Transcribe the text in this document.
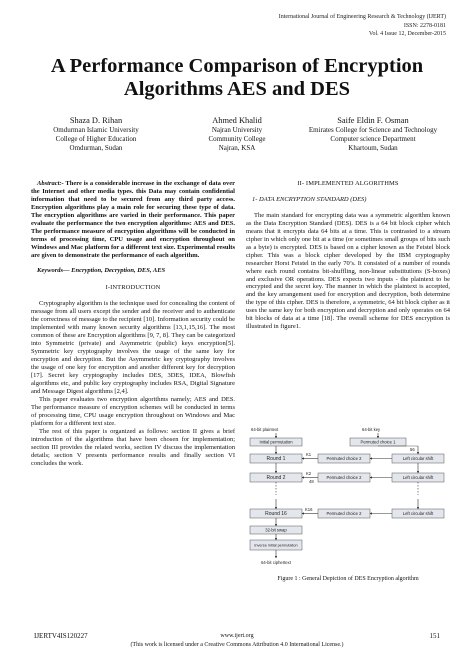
International Journal of Engineering Research & Technology (IJERT)
ISSN: 2278-0181
Vol. 4 Issue 12, December-2015
A Performance Comparison of Encryption
Algorithms AES and DES
Shaza D. Rihan
Omdurman Islamic University
College of Higher Education
Omdurman, Sudan
Ahmed Khalid
Najran University
Community College
Najran, KSA
Saife Eldin F. Osman
Emirates College for Science and Technology
Computer science Department
Khartoum, Sudan

Abstract:- There is a considerable increase in the exchange of data over the Internet and other media types. this Data may contain confidential information that need to be secured from any third party access. Encryption algorithms play a main role for securing these type of data. The encryption algorithms are varied in their performance. This paper evaluate the performance the two encryption algorithms: AES and DES. The performance measure of encryption algorithms will be conducted in terms of processing time, CPU usage and encryption throughout on Windows and Mac platform for a different text size. Experimental results are given to demonstrate the performance of each algorithm.

Keywords— Encryption, Decryption, DES, AES

I-INTRODUCTION

Cryptography algorithm is the technique used for concealing the content of message from all users except the sender and the receiver and to authenticate the correctness of message to the recipient [10]. Information security could be implemented with many known security algorithms [13,1,15,16]. The most common of these are Encryption algorithms [9, 7, 8]. They can be categorized into Symmetric (private) and Asymmetric (public) keys encryption[5]. Symmetric key cryptography involves the usage of the same key for encryption and decryption. But the Asymmetric key cryptography involves the usage of one key for encryption and another different key for decryption [17]. Secret key cryptography includes DES, 3DES, IDEA, Blowfish algorithms etc, and public key cryptography includes RSA, Digital Signature and Message Digest algorithms [2,4].

This paper evaluates two encryption algorithms namely; AES and DES. The performance measure of encryption schemes will be conducted in terms of processing time, CPU usage encryption throughout on Windows and Mac platform for a different text size.

The rest of this paper is organized as follows: section II gives a brief introduction of the algorithms that have been chosen for implementation; section III provides the related works, section IV discuss the implementation details; section V presents performance results and finally section VI concludes the work.

II- IMPLEMENTED ALGORITHMS

1- DATA ENCRYPTION STANDARD (DES)

The main standard for encrypting data was a symmetric algorithm known as the Data Encryption Standard (DES). DES is a 64 bit block cipher which means that it encrypts data 64 bits at a time. This is contrasted to a stream cipher in which only one bit at a time (or sometimes small groups of bits such as a byte) is encrypted. DES is based on a cipher known as the Feistel block cipher. This was a block cipher developed by the IBM cryptography researcher Horst Feistel in the early 70’s. It consisted of a number of rounds where each round contains bit-shuffling, non-linear substitutions (S-boxes) and exclusive OR operations. DES expects two inputs - the plaintext to be encrypted and the secret key. The manner in which the plaintext is accepted, and the key arrangement used for encryption and decryption, both determine the type of this cipher. DES is therefore, a symmetric, 64 bit block cipher as it uses the same key for both encryption and decryption and only operates on 64 bit blocks of data at a time [18]. The overall scheme for DES encryption is illustrated in figure1.

64-bit plaintext
Initial permutation
Round 1
Round 2
Round 16
32-bit swap
Inverse initial permutation
64-bit ciphertext
64-bit key
Permuted choice 1
56
Permuted choice 2	Left circular shift
K1
Permuted choice 2	Left circular shift
K2
48
Permuted choice 2	Left circular shift
K16
Figure 1 : General Depiction of DES Encryption algorithm
IJERTV4IS120227	www.ijert.org	151
(This work is licensed under a Creative Commons Attribution 4.0 International License.)
